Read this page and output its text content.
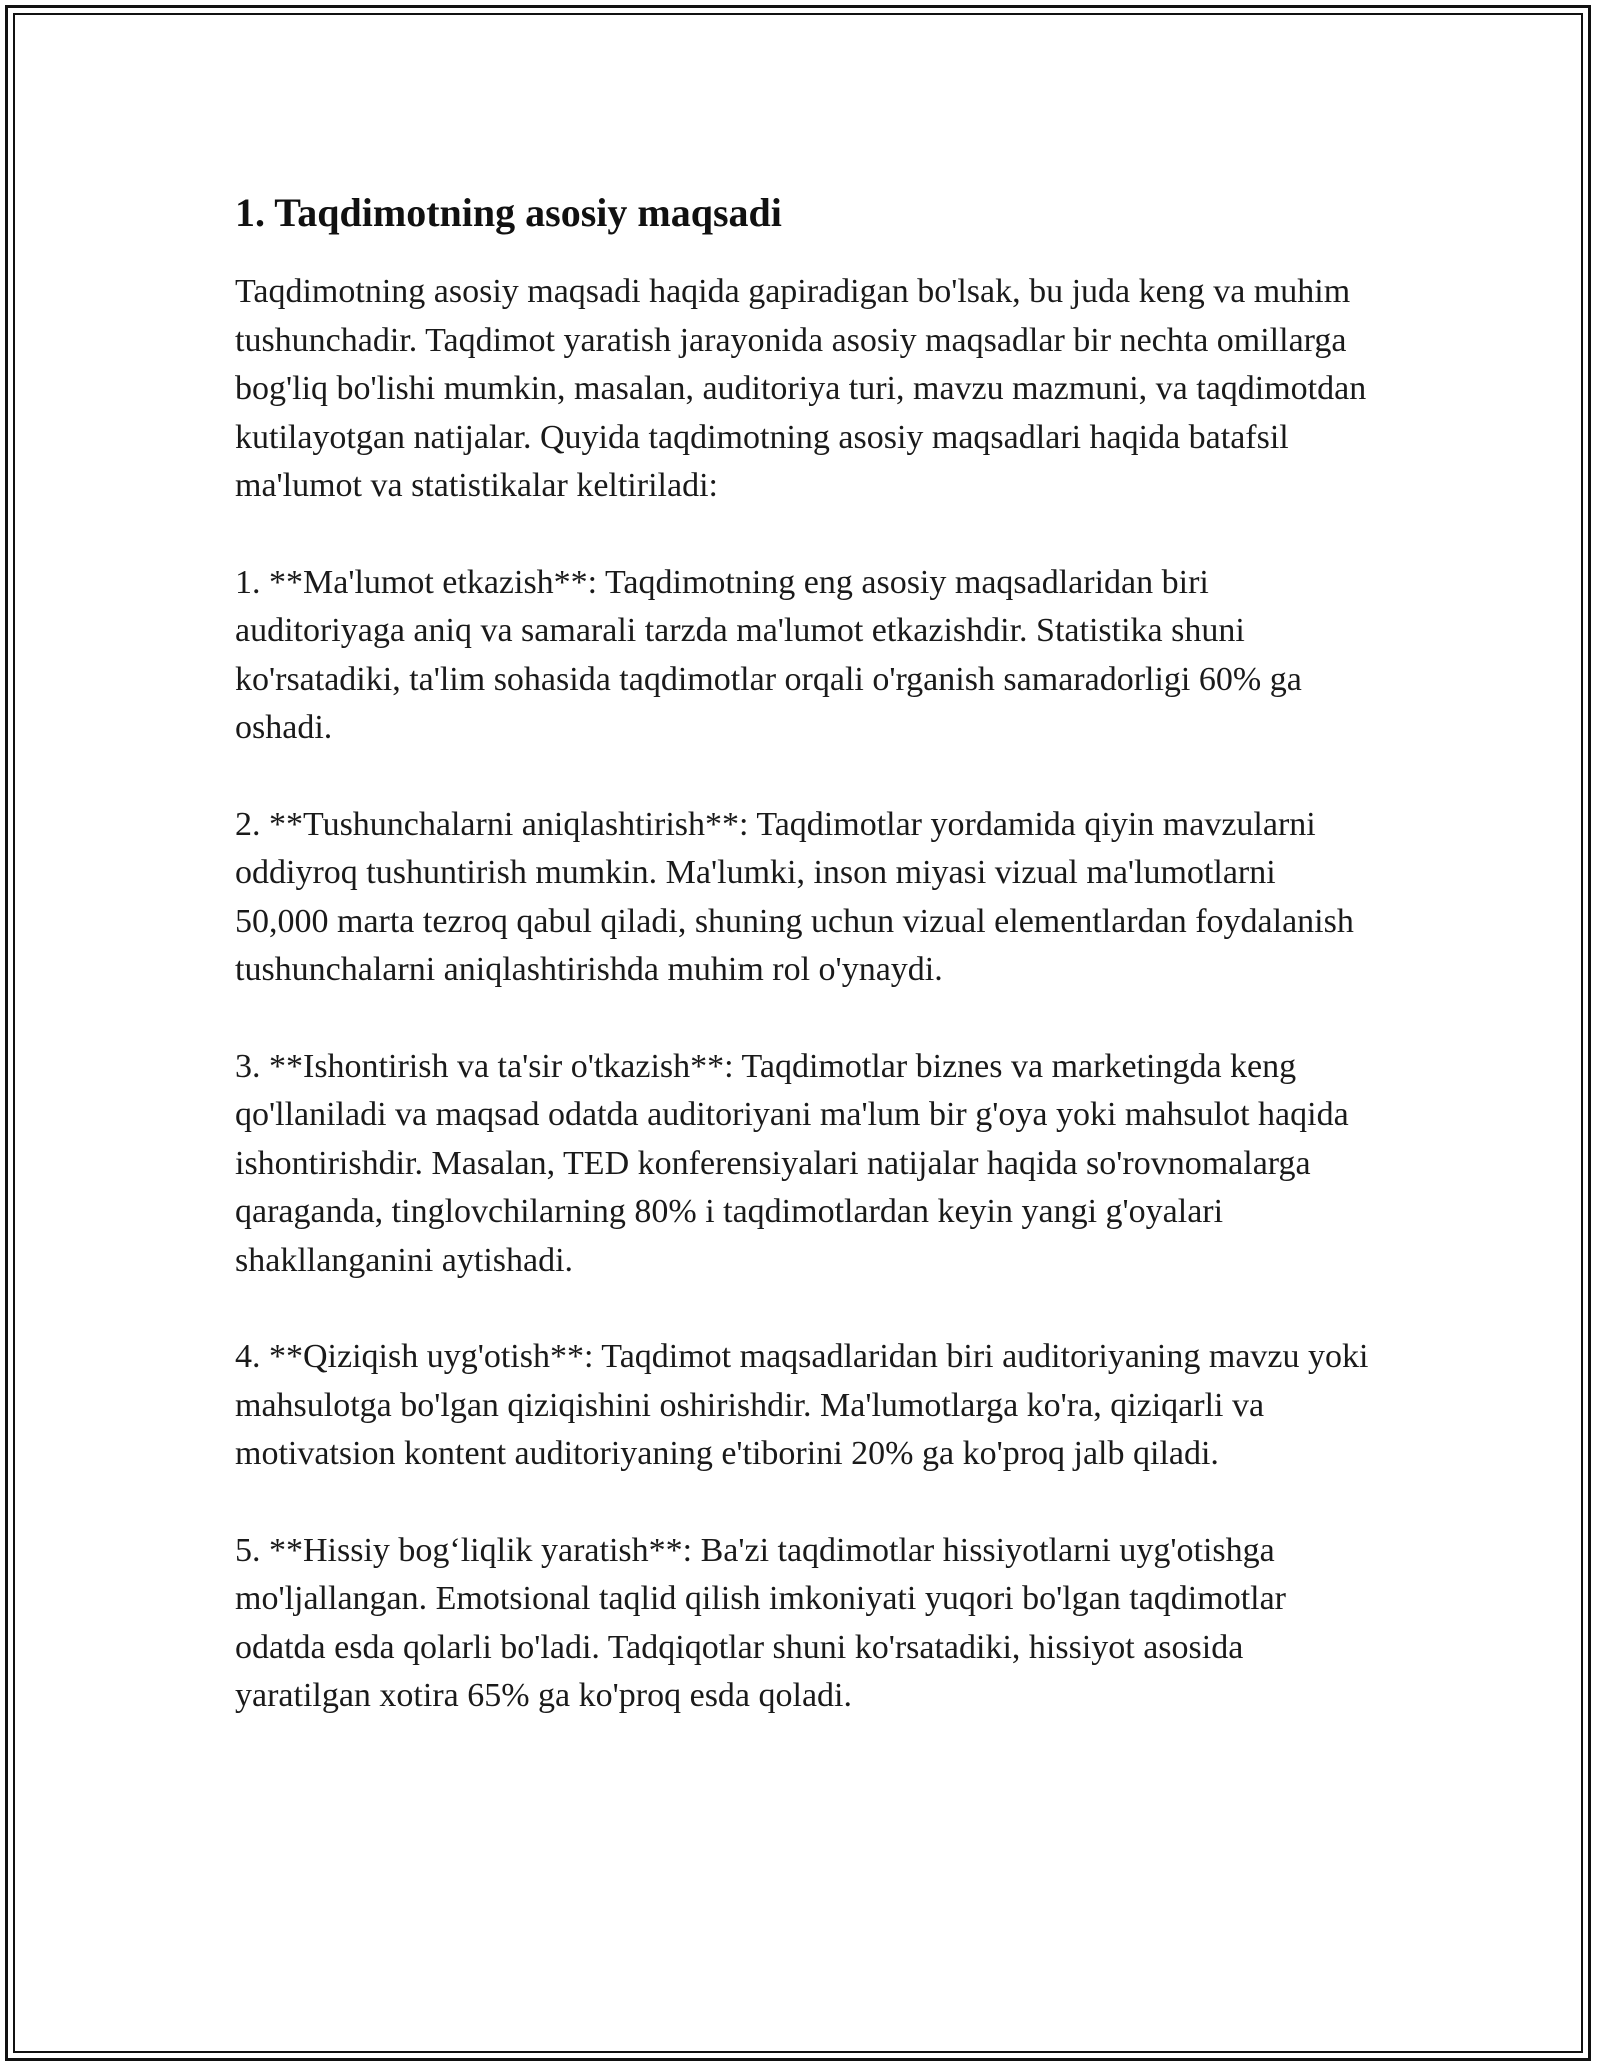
1. Taqdimotning asosiy maqsadi

Taqdimotning asosiy maqsadi haqida gapiradigan bo'lsak, bu juda keng va muhim tushunchadir. Taqdimot yaratish jarayonida asosiy maqsadlar bir nechta omillarga bog'liq bo'lishi mumkin, masalan, auditoriya turi, mavzu mazmuni, va taqdimotdan kutilayotgan natijalar. Quyida taqdimotning asosiy maqsadlari haqida batafsil ma'lumot va statistikalar keltiriladi:

1. **Ma'lumot etkazish**: Taqdimotning eng asosiy maqsadlaridan biri auditoriyaga aniq va samarali tarzda ma'lumot etkazishdir. Statistika shuni ko'rsatadiki, ta'lim sohasida taqdimotlar orqali o'rganish samaradorligi 60% ga oshadi.

2. **Tushunchalarni aniqlashtirish**: Taqdimotlar yordamida qiyin mavzularni oddiyroq tushuntirish mumkin. Ma'lumki, inson miyasi vizual ma'lumotlarni 50,000 marta tezroq qabul qiladi, shuning uchun vizual elementlardan foydalanish tushunchalarni aniqlashtirishda muhim rol o'ynaydi.

3. **Ishontirish va ta'sir o'tkazish**: Taqdimotlar biznes va marketingda keng qo'llaniladi va maqsad odatda auditoriyani ma'lum bir g'oya yoki mahsulot haqida ishontirishdir. Masalan, TED konferensiyalari natijalar haqida so'rovnomalarga qaraganda, tinglovchilarning 80% i taqdimotlardan keyin yangi g'oyalari shakllanganini aytishadi.

4. **Qiziqish uyg'otish**: Taqdimot maqsadlaridan biri auditoriyaning mavzu yoki mahsulotga bo'lgan qiziqishini oshirishdir. Ma'lumotlarga ko'ra, qiziqarli va motivatsion kontent auditoriyaning e'tiborini 20% ga ko'proq jalb qiladi.

5. **Hissiy bog‘liqlik yaratish**: Ba'zi taqdimotlar hissiyotlarni uyg'otishga mo'ljallangan. Emotsional taqlid qilish imkoniyati yuqori bo'lgan taqdimotlar odatda esda qolarli bo'ladi. Tadqiqotlar shuni ko'rsatadiki, hissiyot asosida yaratilgan xotira 65% ga ko'proq esda qoladi.
